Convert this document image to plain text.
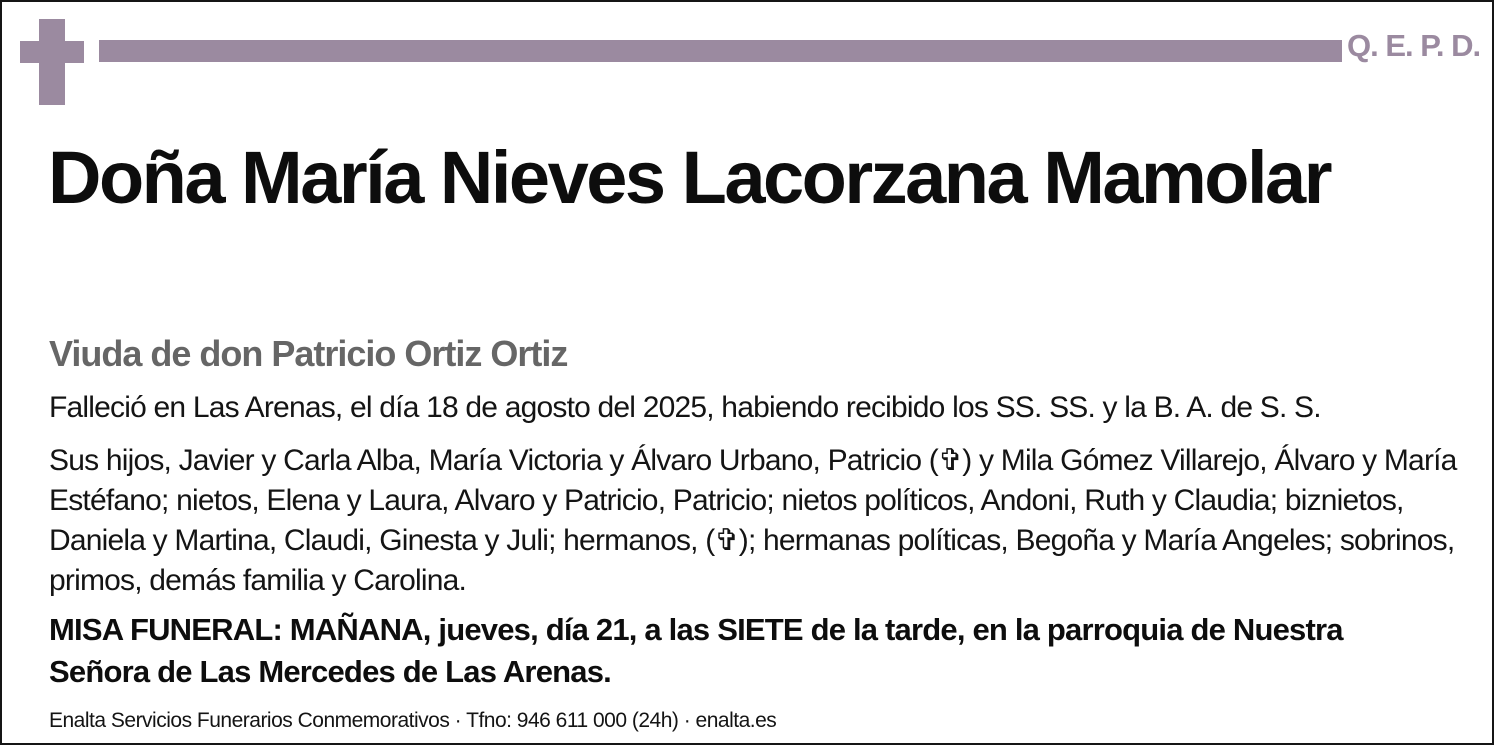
Q. E. P. D.
Doña María Nieves Lacorzana Mamolar
Viuda de don Patricio Ortiz Ortiz

Falleció en Las Arenas, el día 18 de agosto del 2025, habiendo recibido los SS. SS. y la B. A. de S. S.

Sus hijos, Javier y Carla Alba, María Victoria y Álvaro Urbano, Patricio (✞) y Mila Gómez Villarejo, Álvaro y María Estéfano; nietos, Elena y Laura, Alvaro y Patricio, Patricio; nietos políticos, Andoni, Ruth y Claudia; biznietos, Daniela y Martina, Claudi, Ginesta y Juli; hermanos, (✞); hermanas políticas, Begoña y María Angeles; sobrinos, primos, demás familia y Carolina.

MISA FUNERAL: MAÑANA, jueves, día 21, a las SIETE de la tarde, en la parroquia de Nuestra Señora de Las Mercedes de Las Arenas.

Enalta Servicios Funerarios Conmemorativos · Tfno: 946 611 000 (24h) · enalta.es
